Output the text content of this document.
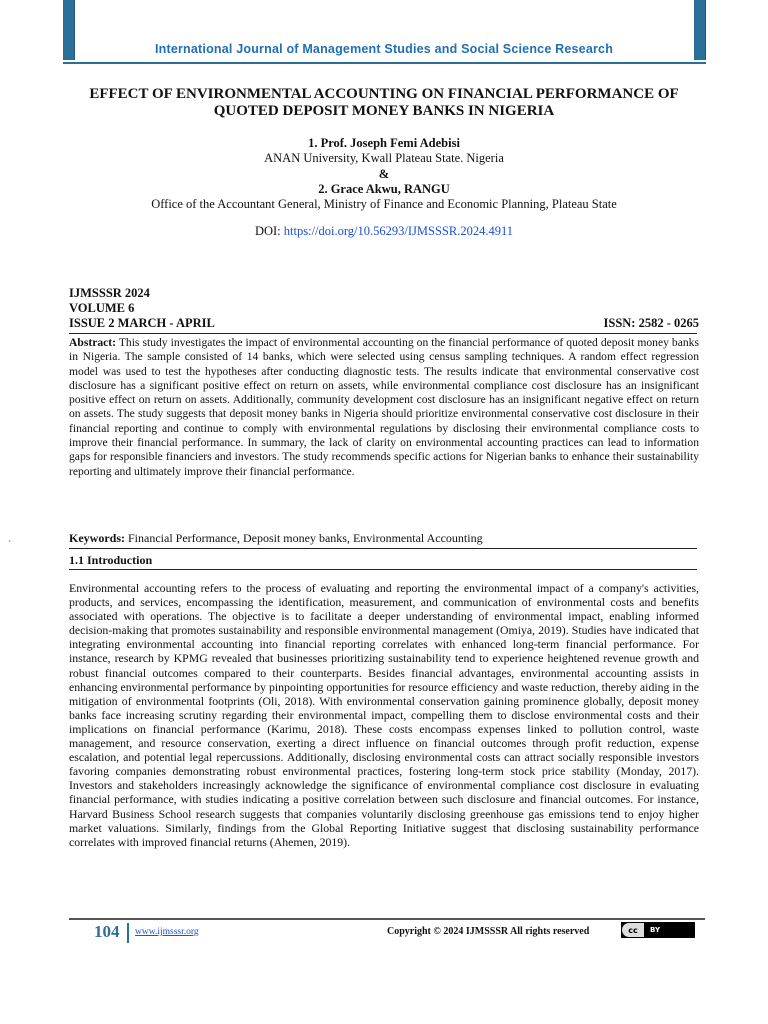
International Journal of Management Studies and Social Science Research
EFFECT OF ENVIRONMENTAL ACCOUNTING ON FINANCIAL PERFORMANCE OF
QUOTED DEPOSIT MONEY BANKS IN NIGERIA
1. Prof. Joseph Femi Adebisi
ANAN University, Kwall Plateau State. Nigeria
&
2. Grace Akwu, RANGU
Office of the Accountant General, Ministry of Finance and Economic Planning, Plateau State
DOI: https://doi.org/10.56293/IJMSSSR.2024.4911
IJMSSSR 2024
VOLUME 6
ISSUE 2 MARCH - APRIL	ISSN: 2582 - 0265
Abstract: This study investigates the impact of environmental accounting on the financial performance of quoted deposit money banks in Nigeria. The sample consisted of 14 banks, which were selected using census sampling techniques. A random effect regression model was used to test the hypotheses after conducting diagnostic tests. The results indicate that environmental conservative cost disclosure has a significant positive effect on return on assets, while environmental compliance cost disclosure has an insignificant positive effect on return on assets. Additionally, community development cost disclosure has an insignificant negative effect on return on assets. The study suggests that deposit money banks in Nigeria should prioritize environmental conservative cost disclosure in their financial reporting and continue to comply with environmental regulations by disclosing their environmental compliance costs to improve their financial performance. In summary, the lack of clarity on environmental accounting practices can lead to information gaps for responsible financiers and investors. The study recommends specific actions for Nigerian banks to enhance their sustainability reporting and ultimately improve their financial performance.
Keywords: Financial Performance, Deposit money banks, Environmental Accounting
`
1.1 Introduction
Environmental accounting refers to the process of evaluating and reporting the environmental impact of a company's activities, products, and services, encompassing the identification, measurement, and communication of environmental costs and benefits associated with operations. The objective is to facilitate a deeper understanding of environmental impact, enabling informed decision-making that promotes sustainability and responsible environmental management (Omiya, 2019). Studies have indicated that integrating environmental accounting into financial reporting correlates with enhanced long-term financial performance. For instance, research by KPMG revealed that businesses prioritizing sustainability tend to experience heightened revenue growth and robust financial outcomes compared to their counterparts. Besides financial advantages, environmental accounting assists in enhancing environmental performance by pinpointing opportunities for resource efficiency and waste reduction, thereby aiding in the mitigation of environmental footprints (Oli, 2018). With environmental conservation gaining prominence globally, deposit money banks face increasing scrutiny regarding their environmental impact, compelling them to disclose environmental costs and their implications on financial performance (Karimu, 2018). These costs encompass expenses linked to pollution control, waste management, and resource conservation, exerting a direct influence on financial outcomes through profit reduction, expense escalation, and potential legal repercussions. Additionally, disclosing environmental costs can attract socially responsible investors favoring companies demonstrating robust environmental practices, fostering long-term stock price stability (Monday, 2017). Investors and stakeholders increasingly acknowledge the significance of environmental compliance cost disclosure in evaluating financial performance, with studies indicating a positive correlation between such disclosure and financial outcomes. For instance, Harvard Business School research suggests that companies voluntarily disclosing greenhouse gas emissions tend to enjoy higher market valuations. Similarly, findings from the Global Reporting Initiative suggest that disclosing sustainability performance correlates with improved financial returns (Ahemen, 2019).
104 www.ijmsssr.org	Copyright © 2024 IJMSSSR All rights reserved	cc	BY
